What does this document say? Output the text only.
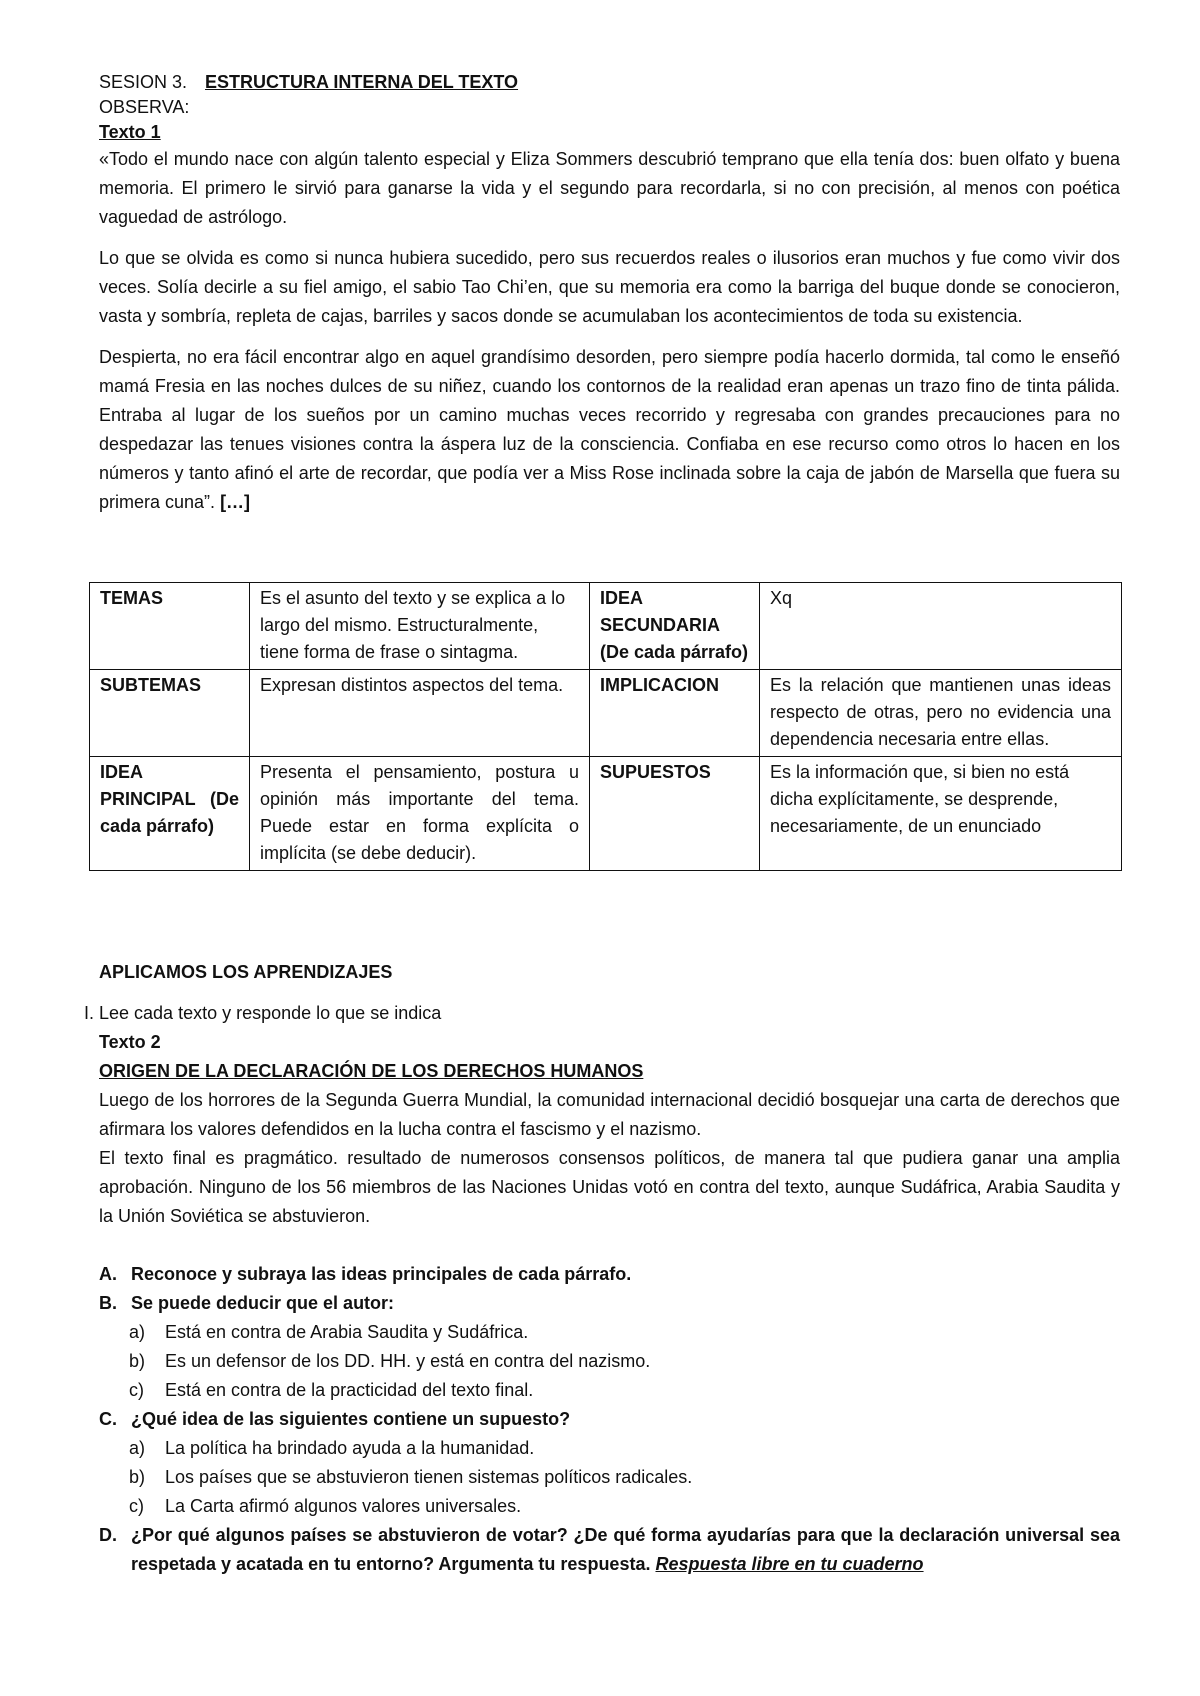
SESION 3. ESTRUCTURA INTERNA DEL TEXTO

OBSERVA:

Texto 1

«Todo el mundo nace con algún talento especial y Eliza Sommers descubrió temprano que ella tenía dos: buen olfato y buena memoria. El primero le sirvió para ganarse la vida y el segundo para recordarla, si no con precisión, al menos con poética vaguedad de astrólogo.

Lo que se olvida es como si nunca hubiera sucedido, pero sus recuerdos reales o ilusorios eran muchos y fue como vivir dos veces. Solía decirle a su fiel amigo, el sabio Tao Chi’en, que su memoria era como la barriga del buque donde se conocieron, vasta y sombría, repleta de cajas, barriles y sacos donde se acumulaban los acontecimientos de toda su existencia.

Despierta, no era fácil encontrar algo en aquel grandísimo desorden, pero siempre podía hacerlo dormida, tal como le enseñó mamá Fresia en las noches dulces de su niñez, cuando los contornos de la realidad eran apenas un trazo fino de tinta pálida. Entraba al lugar de los sueños por un camino muchas veces recorrido y regresaba con grandes precauciones para no despedazar las tenues visiones contra la áspera luz de la consciencia. Confiaba en ese recurso como otros lo hacen en los números y tanto afinó el arte de recordar, que podía ver a Miss Rose inclinada sobre la caja de jabón de Marsella que fuera su primera cuna”. […]

TEMAS	Es el asunto del texto y se explica a lo largo del mismo. Estructuralmente, tiene forma de frase o sintagma.	IDEA SECUNDARIA (De cada párrafo)	Xq
SUBTEMAS	Expresan distintos aspectos del tema.	IMPLICACION	Es la relación que mantienen unas ideas respecto de otras, pero no evidencia una dependencia necesaria entre ellas.
IDEA PRINCIPAL (De cada párrafo)	Presenta el pensamiento, postura u opinión más importante del tema. Puede estar en forma explícita o implícita (se debe deducir).	SUPUESTOS	Es la información que, si bien no está dicha explícitamente, se desprende, necesariamente, de un enunciado

APLICAMOS LOS APRENDIZAJES

I. Lee cada texto y responde lo que se indica

Texto 2

ORIGEN DE LA DECLARACIÓN DE LOS DERECHOS HUMANOS

Luego de los horrores de la Segunda Guerra Mundial, la comunidad internacional decidió bosquejar una carta de derechos que afirmara los valores defendidos en la lucha contra el fascismo y el nazismo.

El texto final es pragmático. resultado de numerosos consensos políticos, de manera tal que pudiera ganar una amplia aprobación. Ninguno de los 56 miembros de las Naciones Unidas votó en contra del texto, aunque Sudáfrica, Arabia Saudita y la Unión Soviética se abstuvieron.

A. Reconoce y subraya las ideas principales de cada párrafo.
B. Se puede deducir que el autor:
a) Está en contra de Arabia Saudita y Sudáfrica.
b) Es un defensor de los DD. HH. y está en contra del nazismo.
c) Está en contra de la practicidad del texto final.
C. ¿Qué idea de las siguientes contiene un supuesto?
a) La política ha brindado ayuda a la humanidad.
b) Los países que se abstuvieron tienen sistemas políticos radicales.
c) La Carta afirmó algunos valores universales.
D. ¿Por qué algunos países se abstuvieron de votar? ¿De qué forma ayudarías para que la declaración universal sea respetada y acatada en tu entorno? Argumenta tu respuesta. Respuesta libre en tu cuaderno
